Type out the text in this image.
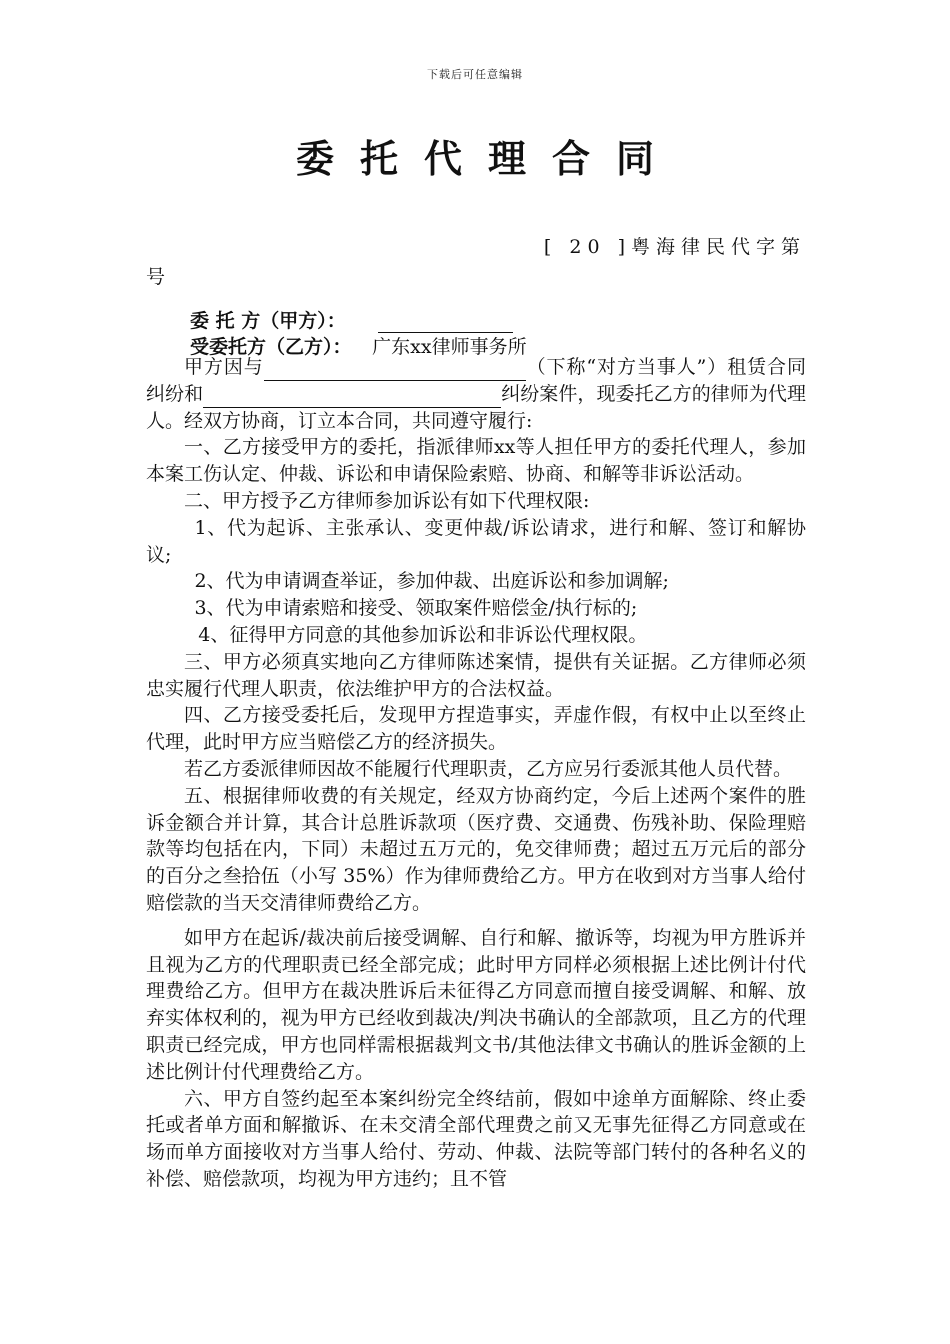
下载后可任意编辑
委托代理合同
[ 20 ]粤海律民代字第
号
委 托 方（甲方）：
受委托方（乙方）： 广东xx律师事务所

甲方因与	（下称“对方当事人”）租赁合同纠纷和	纠纷案件，现委托乙方的律师为代理人。经双方协商，订立本合同，共同遵守履行:

一、乙方接受甲方的委托，指派律师xx等人担任甲方的委托代理人，参加本案工伤认定、仲裁、诉讼和申请保险索赔、协商、和解等非诉讼活动。

二、甲方授予乙方律师参加诉讼有如下代理权限:

1、代为起诉、主张承认、变更仲裁/诉讼请求，进行和解、签订和解协议;

2、代为申请调查举证，参加仲裁、出庭诉讼和参加调解;

3、代为申请索赔和接受、领取案件赔偿金/执行标的;

4、征得甲方同意的其他参加诉讼和非诉讼代理权限。

三、甲方必须真实地向乙方律师陈述案情，提供有关证据。乙方律师必须忠实履行代理人职责，依法维护甲方的合法权益。

四、乙方接受委托后，发现甲方捏造事实，弄虚作假，有权中止以至终止代理，此时甲方应当赔偿乙方的经济损失。

若乙方委派律师因故不能履行代理职责，乙方应另行委派其他人员代替。

五、根据律师收费的有关规定，经双方协商约定，今后上述两个案件的胜诉金额合并计算，其合计总胜诉款项（医疗费、交通费、伤残补助、保险理赔款等均包括在内，下同）未超过五万元的，免交律师费；超过五万元后的部分的百分之叁拾伍（小写 35%）作为律师费给乙方。甲方在收到对方当事人给付赔偿款的当天交清律师费给乙方。

如甲方在起诉/裁决前后接受调解、自行和解、撤诉等，均视为甲方胜诉并且视为乙方的代理职责已经全部完成；此时甲方同样必须根据上述比例计付代理费给乙方。但甲方在裁决胜诉后未征得乙方同意而擅自接受调解、和解、放弃实体权利的，视为甲方已经收到裁决/判决书确认的全部款项，且乙方的代理职责已经完成，甲方也同样需根据裁判文书/其他法律文书确认的胜诉金额的上述比例计付代理费给乙方。

六、甲方自签约起至本案纠纷完全终结前，假如中途单方面解除、终止委托或者单方面和解撤诉、在未交清全部代理费之前又无事先征得乙方同意或在场而单方面接收对方当事人给付、劳动、仲裁、法院等部门转付的各种名义的补偿、赔偿款项，均视为甲方违约；且不管
